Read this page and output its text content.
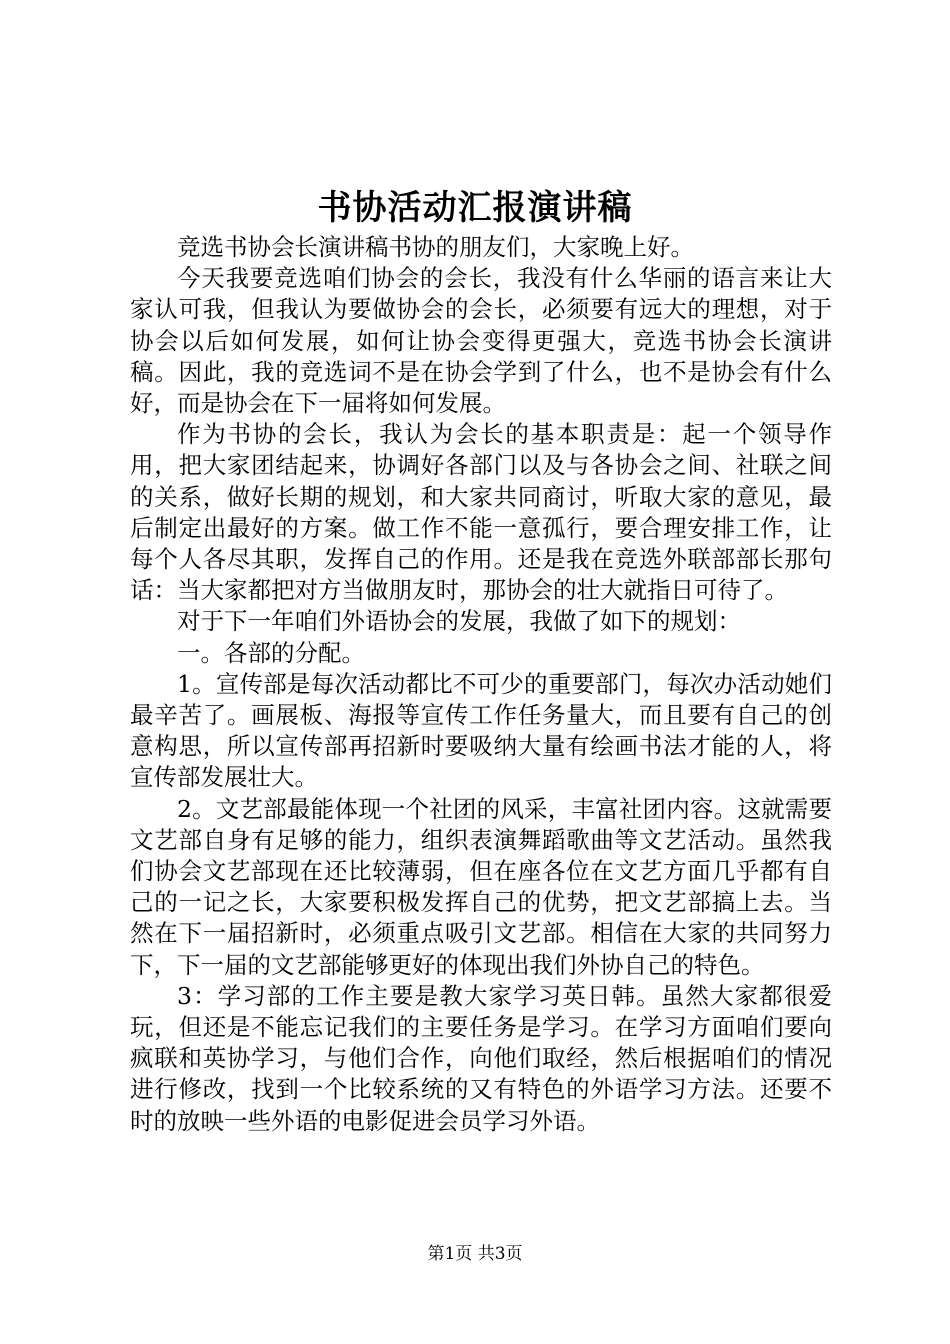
书协活动汇报演讲稿

竞选书协会长演讲稿书协的朋友们，大家晚上好。

今天我要竞选咱们协会的会长，我没有什么华丽的语言来让大家认可我，但我认为要做协会的会长，必须要有远大的理想，对于协会以后如何发展，如何让协会变得更强大，竞选书协会长演讲稿。因此，我的竞选词不是在协会学到了什么，也不是协会有什么好，而是协会在下一届将如何发展。

作为书协的会长，我认为会长的基本职责是：起一个领导作用，把大家团结起来，协调好各部门以及与各协会之间、社联之间的关系，做好长期的规划，和大家共同商讨，听取大家的意见，最后制定出最好的方案。做工作不能一意孤行，要合理安排工作，让每个人各尽其职，发挥自己的作用。还是我在竞选外联部部长那句话：当大家都把对方当做朋友时，那协会的壮大就指日可待了。

对于下一年咱们外语协会的发展，我做了如下的规划：

一。各部的分配。

1。宣传部是每次活动都比不可少的重要部门，每次办活动她们最辛苦了。画展板、海报等宣传工作任务量大，而且要有自己的创意构思，所以宣传部再招新时要吸纳大量有绘画书法才能的人，将宣传部发展壮大。

2。文艺部最能体现一个社团的风采，丰富社团内容。这就需要文艺部自身有足够的能力，组织表演舞蹈歌曲等文艺活动。虽然我们协会文艺部现在还比较薄弱，但在座各位在文艺方面几乎都有自己的一记之长，大家要积极发挥自己的优势，把文艺部搞上去。当然在下一届招新时，必须重点吸引文艺部。相信在大家的共同努力下，下一届的文艺部能够更好的体现出我们外协自己的特色。

3：学习部的工作主要是教大家学习英日韩。虽然大家都很爱玩，但还是不能忘记我们的主要任务是学习。在学习方面咱们要向疯联和英协学习，与他们合作，向他们取经，然后根据咱们的情况进行修改，找到一个比较系统的又有特色的外语学习方法。还要不时的放映一些外语的电影促进会员学习外语。

第1页 共3页
